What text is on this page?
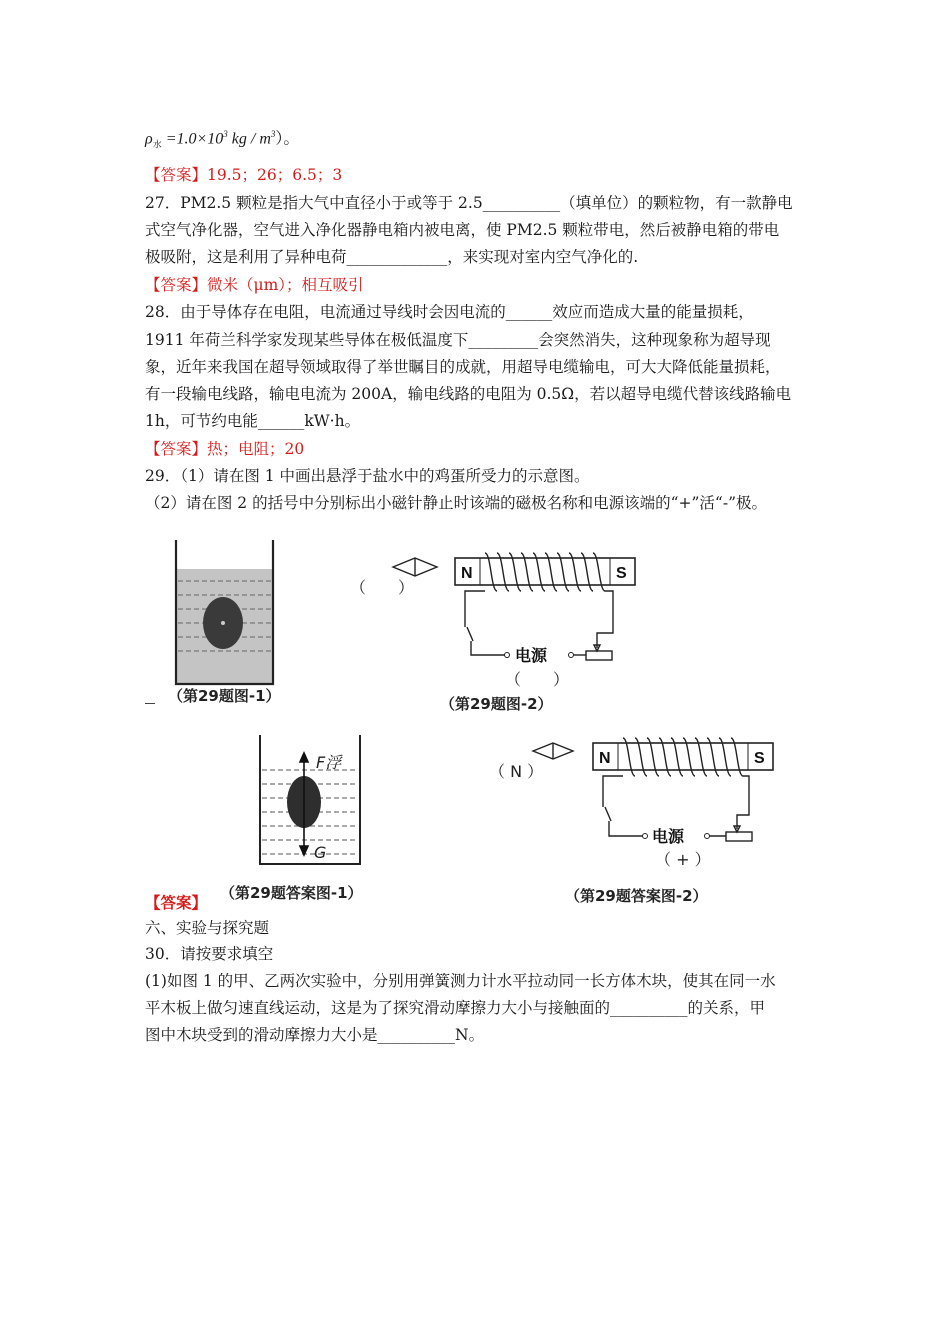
$\rho_水 =1.0\times 10^3$ kg / $m^3$）。
【答案】19.5；26；6.5；3
27．PM2.5 颗粒是指大气中直径小于或等于 2.5__________（填单位）的颗粒物，有一款静电
式空气净化器，空气进入净化器静电箱内被电离，使 PM2.5 颗粒带电，然后被静电箱的带电
极吸附，这是利用了异种电荷_____________，来实现对室内空气净化的.
【答案】微米（μm）；相互吸引
28．由于导体存在电阻，电流通过导线时会因电流的______效应而造成大量的能量损耗，
1911 年荷兰科学家发现某些导体在极低温度下_________会突然消失，这种现象称为超导现
象，近年来我国在超导领域取得了举世瞩目的成就，用超导电缆输电，可大大降低能量损耗，
有一段输电线路，输电电流为 200A，输电线路的电阻为 0.5Ω，若以超导电缆代替该线路输电
1h，可节约电能______kW·h。
【答案】热；电阻；20
29．（1）请在图 1 中画出悬浮于盐水中的鸡蛋所受力的示意图。
（2）请在图 2 的括号中分别标出小磁针静止时该端的磁极名称和电源该端的“+”活“-”极。
（第29题图-1）
（　　）
N	S
电源
（　　）
（第29题图-2）
F浮
G
（第29题答案图-1）
【答案】
（ N ）
N	S
电源
（ + ）
（第29题答案图-2）
六、实验与探究题
30．请按要求填空
(1)如图 1 的甲、乙两次实验中，分别用弹簧测力计水平拉动同一长方体木块，使其在同一水
平木板上做匀速直线运动，这是为了探究滑动摩擦力大小与接触面的__________的关系，甲
图中木块受到的滑动摩擦力大小是__________N。
